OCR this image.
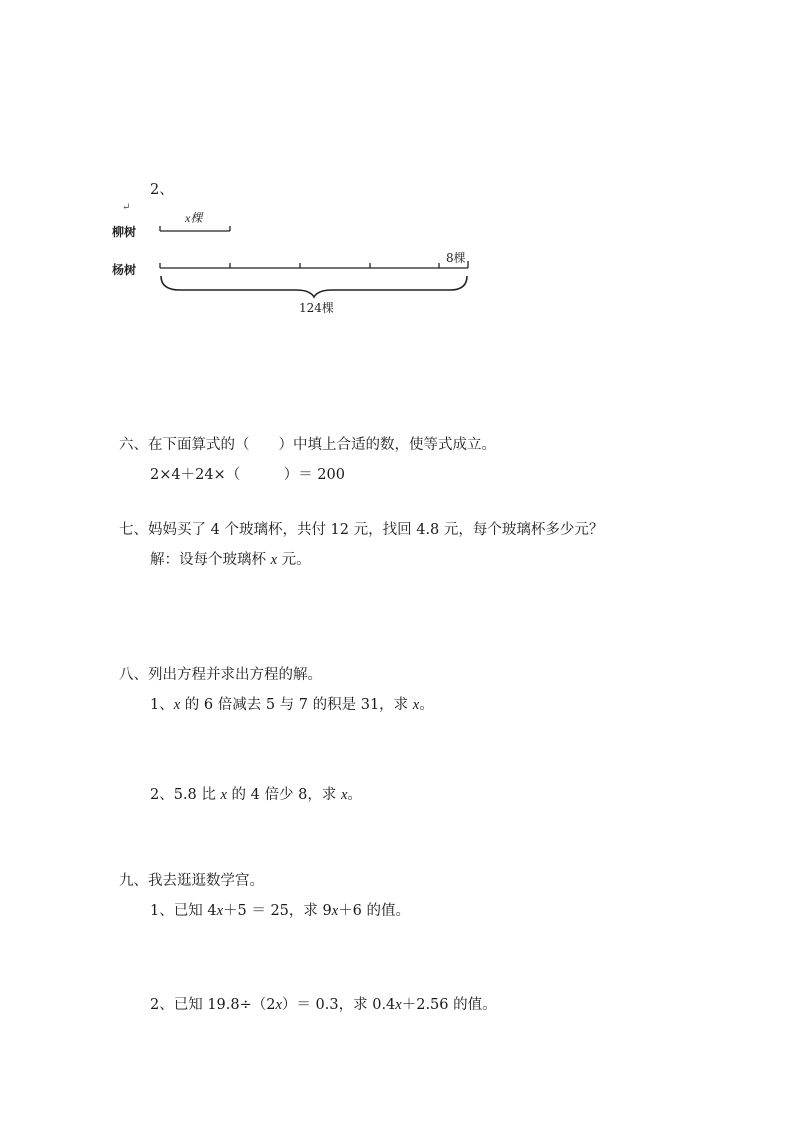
2、
↵
柳树
x棵
杨树
8棵
124棵
六、在下面算式的（　　）中填上合适的数，使等式成立。
2×4＋24×（　　　）＝ 200
七、妈妈买了 4 个玻璃杯，共付 12 元，找回 4.8 元，每个玻璃杯多少元？
解：设每个玻璃杯 x 元。
八、列出方程并求出方程的解。
1、x 的 6 倍减去 5 与 7 的积是 31，求 x。
2、5.8 比 x 的 4 倍少 8，求 x。
九、我去逛逛数学宫。
1、已知 4x＋5 ＝ 25，求 9x＋6 的值。
2、已知 19.8÷（2x）＝ 0.3，求 0.4x＋2.56 的值。
